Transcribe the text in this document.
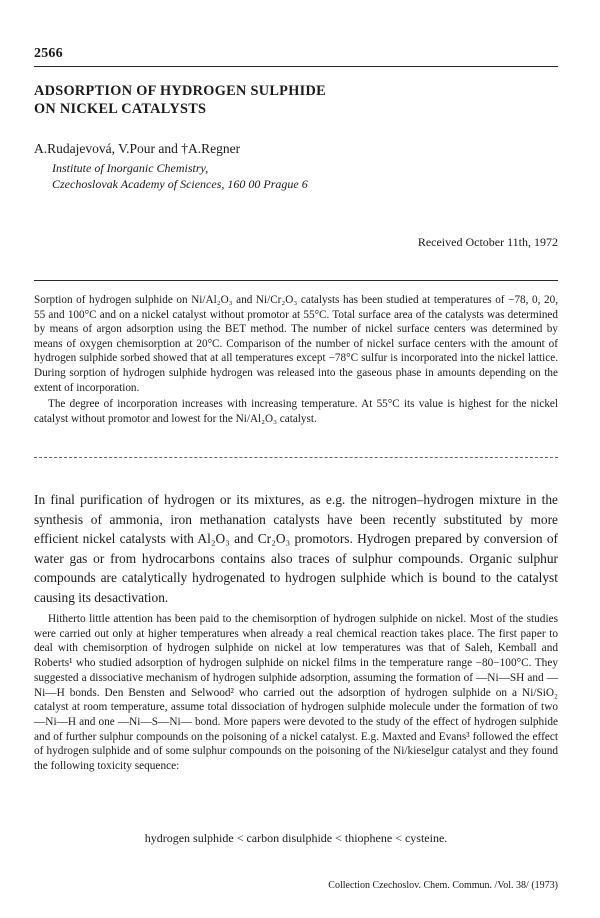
2566
ADSORPTION OF HYDROGEN SULPHIDE
ON NICKEL CATALYSTS
A.Rudajevová, V.Pour and †A.Regner
Institute of Inorganic Chemistry,
Czechoslovak Academy of Sciences, 160 00 Prague 6
Received October 11th, 1972

Sorption of hydrogen sulphide on Ni/Al₂O₃ and Ni/Cr₂O₃ catalysts has been studied at temperatures of −78, 0, 20, 55 and 100°C and on a nickel catalyst without promotor at 55°C. Total surface area of the catalysts was determined by means of argon adsorption using the BET method. The number of nickel surface centers was determined by means of oxygen chemisorption at 20°C. Comparison of the number of nickel surface centers with the amount of hydrogen sulphide sorbed showed that at all temperatures except −78°C sulfur is incorporated into the nickel lattice. During sorption of hydrogen sulphide hydrogen was released into the gaseous phase in amounts depending on the extent of incorporation.

The degree of incorporation increases with increasing temperature. At 55°C its value is highest for the nickel catalyst without promotor and lowest for the Ni/Al₂O₃ catalyst.

In final purification of hydrogen or its mixtures, as e.g. the nitrogen–hydrogen mixture in the synthesis of ammonia, iron methanation catalysts have been recently substituted by more efficient nickel catalysts with Al₂O₃ and Cr₂O₃ promotors. Hydrogen prepared by conversion of water gas or from hydrocarbons contains also traces of sulphur compounds. Organic sulphur compounds are catalytically hydrogenated to hydrogen sulphide which is bound to the catalyst causing its desactivation.

Hitherto little attention has been paid to the chemisorption of hydrogen sulphide on nickel. Most of the studies were carried out only at higher temperatures when already a real chemical reaction takes place. The first paper to deal with chemisorption of hydrogen sulphide on nickel at low temperatures was that of Saleh, Kemball and Roberts¹ who studied adsorption of hydrogen sulphide on nickel films in the temperature range −80−100°C. They suggested a dissociative mechanism of hydrogen sulphide adsorption, assuming the formation of —Ni—SH and —Ni—H bonds. Den Bensten and Selwood² who carried out the adsorption of hydrogen sulphide on a Ni/SiO₂ catalyst at room temperature, assume total dissociation of hydrogen sulphide molecule under the formation of two —Ni—H and one —Ni—S—Ni— bond. More papers were devoted to the study of the effect of hydrogen sulphide and of further sulphur compounds on the poisoning of a nickel catalyst. E.g. Maxted and Evans³ followed the effect of hydrogen sulphide and of some sulphur compounds on the poisoning of the Ni/kieselgur catalyst and they found the following toxicity sequence:

hydrogen sulphide < carbon disulphide < thiophene < cysteine.
Collection Czechoslov. Chem. Commun. /Vol. 38/ (1973)
